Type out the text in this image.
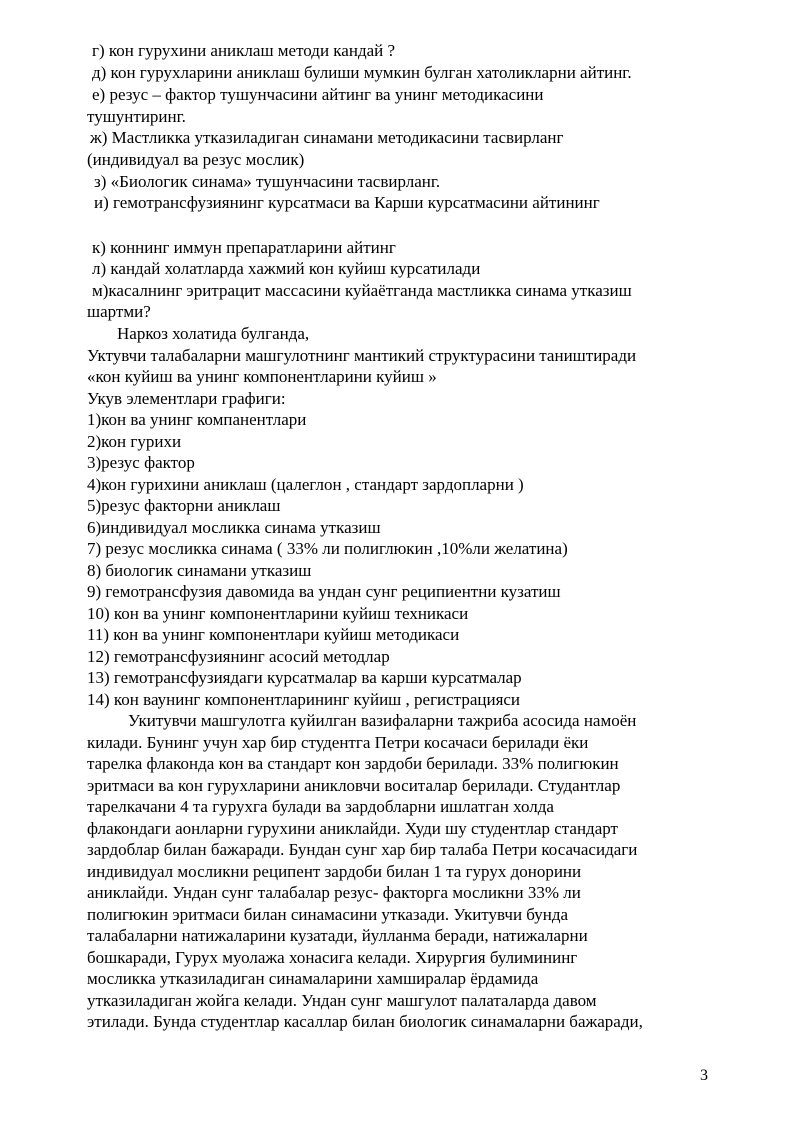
г) кон гурухини аниклаш методи кандай ?
д) кон гурухларини аниклаш булиши мумкин булган хатоликларни айтинг.
е) резус – фактор тушунчасини айтинг ва унинг методикасини
тушунтиринг.
ж) Мастликка утказиладиган синамани методикасини тасвирланг
(индивидуал ва резус мослик)
з) «Биологик синама» тушунчасини тасвирланг.
и) гемотрансфузиянинг курсатмаси ва Карши курсатмасини айтининг
к) коннинг иммун препаратларини айтинг
л) кандай холатларда хажмий кон куйиш курсатилади
м)касалнинг эритрацит массасини куйаётганда мастликка синама утказиш
шартми?
Наркоз холатида булганда,
Уктувчи талабаларни машгулотнинг мантикий структурасини таништиради
«кон куйиш ва унинг компонентларини куйиш »
Укув элементлари графиги:
1)кон ва унинг компанентлари
2)кон гурихи
3)резус фактор
4)кон гурихини аниклаш (цалеглон , стандарт зардопларни )
5)резус факторни аниклаш
6)индивидуал мосликка синама утказиш
7) резус мосликка синама ( 33% ли полиглюкин ,10%ли желатина)
8) биологик синамани утказиш
9) гемотрансфузия давомида ва ундан сунг реципиентни кузатиш
10) кон ва унинг компонентларини куйиш техникаси
11) кон ва унинг компонентлари куйиш методикаси
12) гемотрансфузиянинг асосий методлар
13) гемотрансфузиядаги курсатмалар ва карши курсатмалар
14) кон ваунинг компонентларининг куйиш , регистрацияси
Укитувчи машгулотга куйилган вазифаларни тажриба асосида намоён
килади. Бунинг учун хар бир студентга Петри косачаси берилади ёки
тарелка флаконда кон ва стандарт кон зардоби берилади. 33% полигюкин
эритмаси ва кон гурухларини аникловчи воситалар берилади. Студантлар
тарелкачани 4 та гурухга булади ва зардобларни ишлатган холда
флакондаги аонларни гурухини аниклайди. Худи шу студентлар стандарт
зардоблар билан бажаради. Бундан сунг хар бир талаба Петри косачасидаги
индивидуал мосликни реципент зардоби билан 1 та гурух донорини
аниклайди. Ундан сунг талабалар резус- факторга мосликни 33% ли
полигюкин эритмаси билан синамасини утказади. Укитувчи бунда
талабаларни натижаларини кузатади, йулланма беради, натижаларни
бошкаради, Гурух муолажа хонасига келади. Хирургия булимининг
мосликка утказиладиган синамаларини хамширалар ёрдамида
утказиладиган жойга келади. Ундан сунг машгулот палаталарда давом
этилади. Бунда студентлар касаллар билан биологик синамаларни бажаради,
3
